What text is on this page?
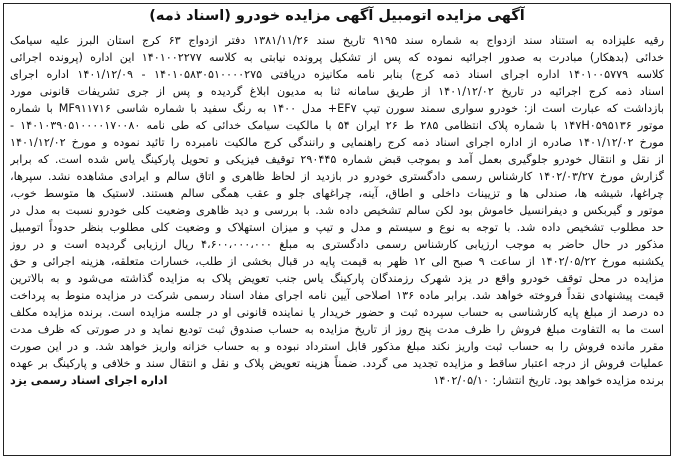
آگهی مزایده اتومبیل آگهی مزایده خودرو (اسناد ذمه)
رقیه علیزاده به استناد سند ازدواج به شماره سند ۹۱۹۵ تاریخ سند ۱۳۸۱/۱۱/۲۶ دفتر ازدواج ۶۳ کرج استان البرز علیه سیامک
خدائی (بدهکار) مبادرت به صدور اجرائیه نموده که پس از تشکیل پرونده نیابتی به کلاسه ۱۴۰۱۰۰۲۲۷۷ این اداره (پرونده اجرائی
کلاسه ۱۴۰۱۰۰۵۷۷۹ اداره اجرای اسناد ذمه کرج) بنابر نامه مکانیزه دریافتی ۱۴۰۱۰۵۸۳۰۵۱۰۰۰۰۲۷۵ - ۱۴۰۱/۱۲/۰۹ اداره اجرای
اسناد ذمه کرج اجرائیه در تاریخ ۱۴۰۱/۱۲/۰۲ از طریق سامانه ثنا به مدیون ابلاغ گردیده و پس از جری تشریفات قانونی مورد
بازداشت که عبارت است از: خودرو سواری سمند سورن تیپ EF۷+ مدل ۱۴۰۰ به رنگ سفید با شماره شاسی MF۹۱۱۷۱۶ با شماره
موتور ۱۴۷H۰۵۹۵۱۳۶ با شماره پلاک انتظامی ۲۸۵ ط ۲۶ ایران ۵۴ با مالکیت سیامک خدائی که طی نامه ۱۴۰۱۰۳۹۰۵۱۰۰۰۰۱۷۰۰۸۰ -
مورخ ۱۴۰۱/۱۲/۰۲ صادره از اداره اجرای اسناد ذمه کرج راهنمایی و رانندگی کرج مالکیت نامبرده را تائید نموده و مورخ ۱۴۰۱/۱۲/۰۲
از نقل و انتقال خودرو جلوگیری بعمل آمد و بموجب قبض شماره ۲۹۰۴۴۵ توقیف فیزیکی و تحویل پارکینگ یاس شده است. که برابر
گزارش مورخ ۱۴۰۲/۰۳/۲۷ کارشناس رسمی دادگستری خودرو در بازدید از لحاظ ظاهری و اتاق سالم و ایرادی مشاهده نشد. سپرها،
چراغها، شیشه ها، صندلی ها و تزیینات داخلی و اطاق، آینه، چراغهای جلو و عقب همگی سالم هستند. لاستیک ها متوسط خوب،
موتور و گیربکس و دیفرانسیل خاموش بود لکن سالم تشخیص داده شد. با بررسی و دید ظاهری وضعیت کلی خودرو نسبت به مدل در
حد مطلوب تشخیص داده شد. با توجه به نوع و سیستم و مدل و تیپ و میزان استهلاک و وضعیت کلی مطلوب بنظر حدوداً اتومبیل
مذکور در حال حاضر به موجب ارزیابی کارشناس رسمی دادگستری به مبلغ ۴،۶۰۰،۰۰۰،۰۰۰ ریال ارزیابی گردیده است و در روز
یکشنبه مورخ ۱۴۰۲/۰۵/۲۲ از ساعت ۹ صبح الی ۱۲ ظهر به قیمت پایه در قبال بخشی از طلب، خسارات متعلقه، هزینه اجرائی و حق
مزایده در محل توقف خودرو واقع در یزد شهرک رزمندگان پارکینگ یاس جنب تعویض پلاک به مزایده گذاشته می‌شود و به بالاترین
قیمت پیشنهادی نقداً فروخته خواهد شد. برابر ماده ۱۳۶ اصلاحی آیین نامه اجرای مفاد اسناد رسمی شرکت در مزایده منوط به پرداخت
ده درصد از مبلغ پایه کارشناسی به حساب سپرده ثبت و حضور خریدار یا نماینده قانونی او در جلسه مزایده است. برنده مزایده مکلف
است ما به التفاوت مبلغ فروش را ظرف مدت پنج روز از تاریخ مزایده به حساب صندوق ثبت تودیع نماید و در صورتی که ظرف مدت
مقرر مانده فروش را به حساب ثبت واریز نکند مبلغ مذکور قابل استرداد نبوده و به حساب خزانه واریز خواهد شد. و در این صورت
عملیات فروش از درجه اعتبار ساقط و مزایده تجدید می گردد. ضمناً هزینه تعویض پلاک و نقل و انتقال سند و خلافی و پارکینگ بر عهده
برنده مزایده خواهد بود. تاریخ انتشار: ۱۴۰۲/۰۵/۱۰
اداره اجرای اسناد رسمی یزد
